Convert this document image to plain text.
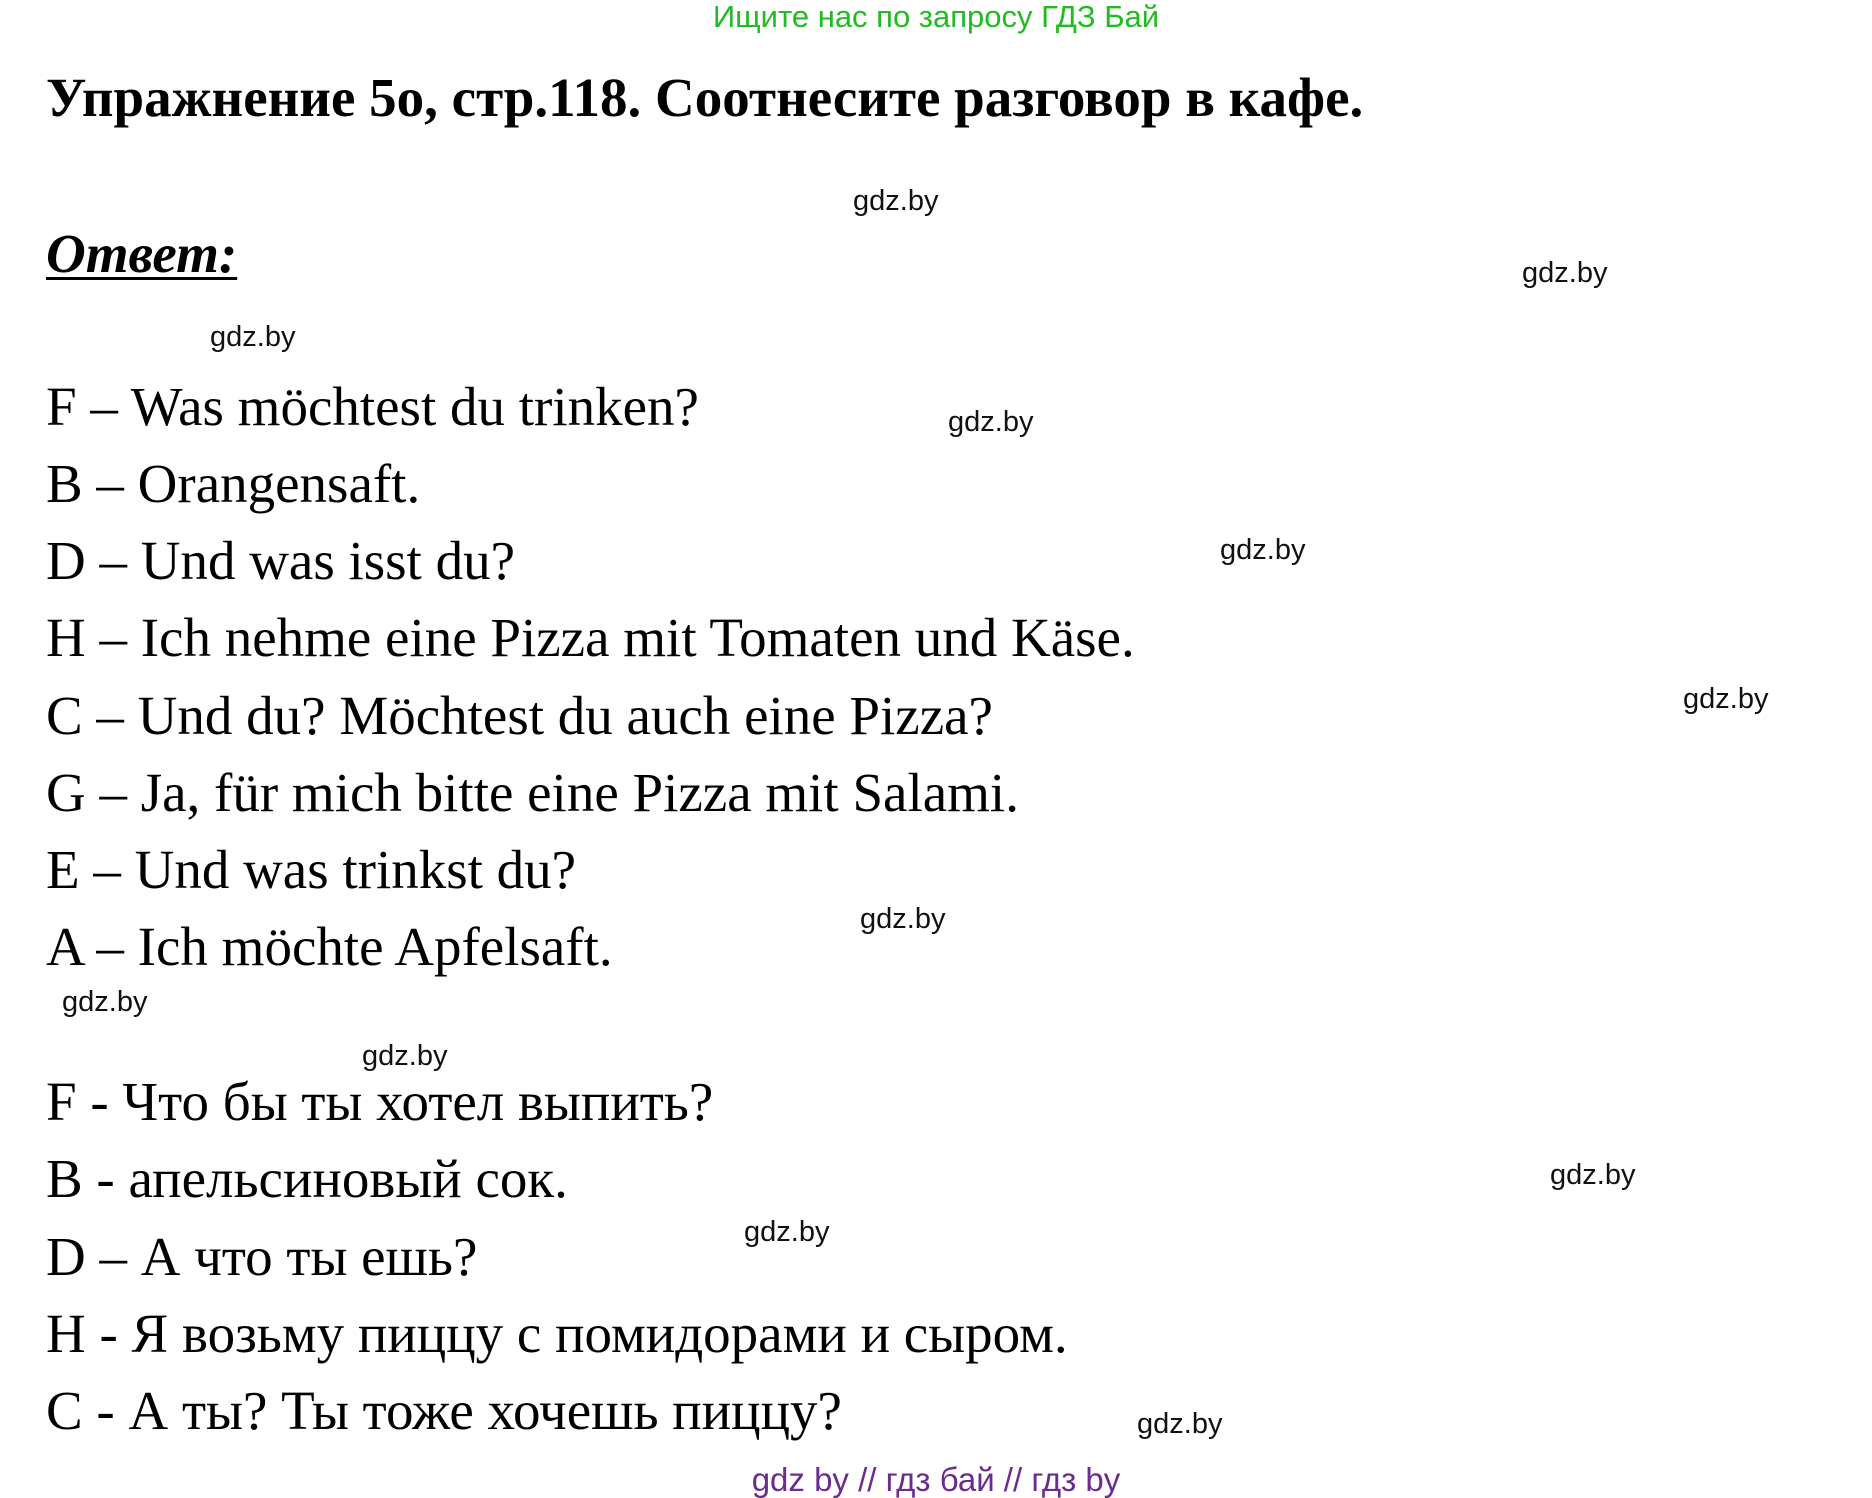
Ищите нас по запросу ГДЗ Бай
Упражнение 5о, стр.118. Соотнесите разговор в кафе.
Ответ:
F – Was möchtest du trinken?
B – Orangensaft.
D – Und was isst du?
H – Ich nehme eine Pizza mit Tomaten und Käse.
C – Und du? Möchtest du auch eine Pizza?
G – Ja, für mich bitte eine Pizza mit Salami.
E – Und was trinkst du?
A – Ich möchte Apfelsaft.
F - Что бы ты хотел выпить?
B - апельсиновый сок.
D – А что ты ешь?
H - Я возьму пиццу с помидорами и сыром.
C - А ты? Ты тоже хочешь пиццу?
gdz.by
gdz.by
gdz.by
gdz.by
gdz.by
gdz.by
gdz.by
gdz.by
gdz.by
gdz.by
gdz.by
gdz.by
gdz by // гдз бай // гдз by
